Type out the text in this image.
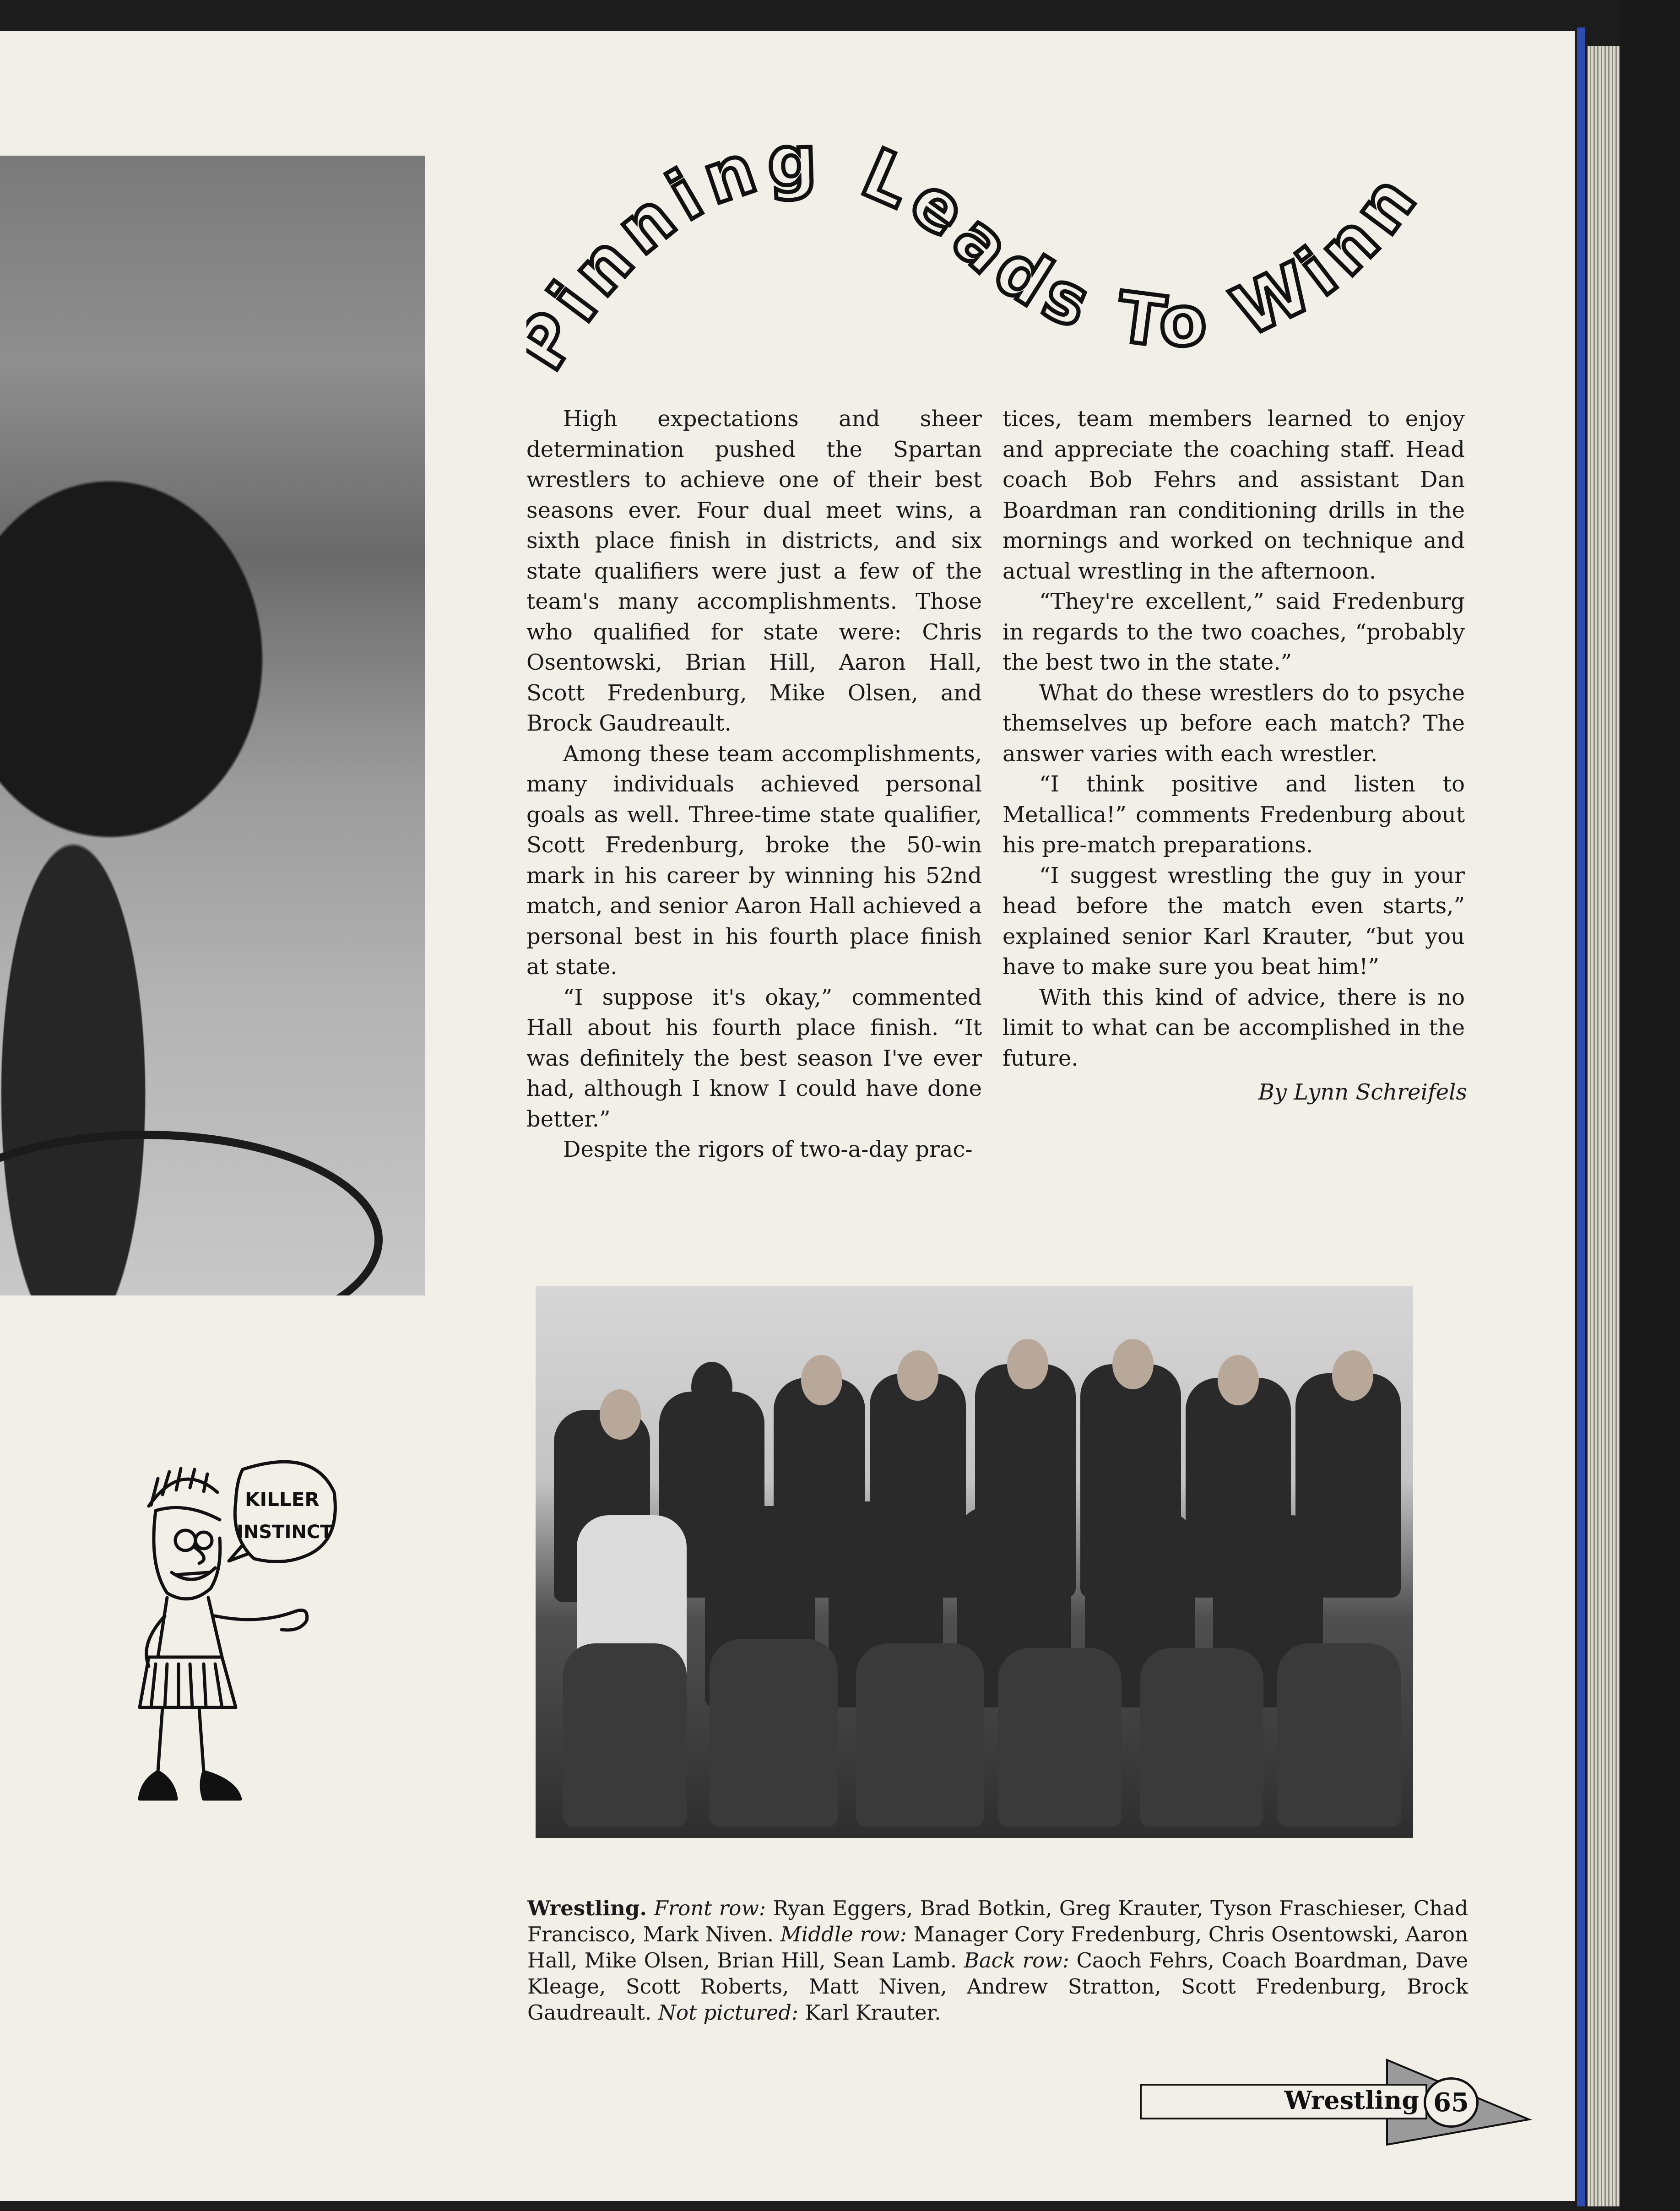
inning Leads To Winn

High expectations and sheer determination pushed the Spartan wrestlers to achieve one of their best seasons ever. Four dual meet wins, a sixth place finish in districts, and six state qualifiers were just a few of the team's many accomplishments. Those who qualified for state were: Chris Osentowski, Brian Hill, Aaron Hall, Scott Fredenburg, Mike Olsen, and Brock Gaudreault.

Among these team accomplishments, many individuals achieved personal goals as well. Three-time state qualifier, Scott Fredenburg, broke the 50-win mark in his career by winning his 52nd match, and senior Aaron Hall achieved a personal best in his fourth place finish at state.

“I suppose it's okay,” commented Hall about his fourth place finish. “It was definitely the best season I've ever had, although I know I could have done better.”

Despite the rigors of two-a-day prac-

tices, team members learned to enjoy and appreciate the coaching staff. Head coach Bob Fehrs and assistant Dan Boardman ran conditioning drills in the mornings and worked on technique and actual wrestling in the afternoon.

“They're excellent,” said Fredenburg in regards to the two coaches, “probably the best two in the state.”

What do these wrestlers do to psyche themselves up before each match? The answer varies with each wrestler.

“I think positive and listen to Metallica!” comments Fredenburg about his pre-match preparations.

“I suggest wrestling the guy in your head before the match even starts,” explained senior Karl Krauter, “but you have to make sure you beat him!”

With this kind of advice, there is no limit to what can be accomplished in the future.

By Lynn Schreifels
Wrestling. Front row: Ryan Eggers, Brad Botkin, Greg Krauter, Tyson Fraschieser, Chad Francisco, Mark Niven. Middle row: Manager Cory Fredenburg, Chris Osentowski, Aaron Hall, Mike Olsen, Brian Hill, Sean Lamb. Back row: Caoch Fehrs, Coach Boardman, Dave Kleage, Scott Roberts, Matt Niven, Andrew Stratton, Scott Fredenburg, Brock Gaudreault. Not pictured: Karl Krauter.
KILLER
INSTINCT
Wrestling 65
